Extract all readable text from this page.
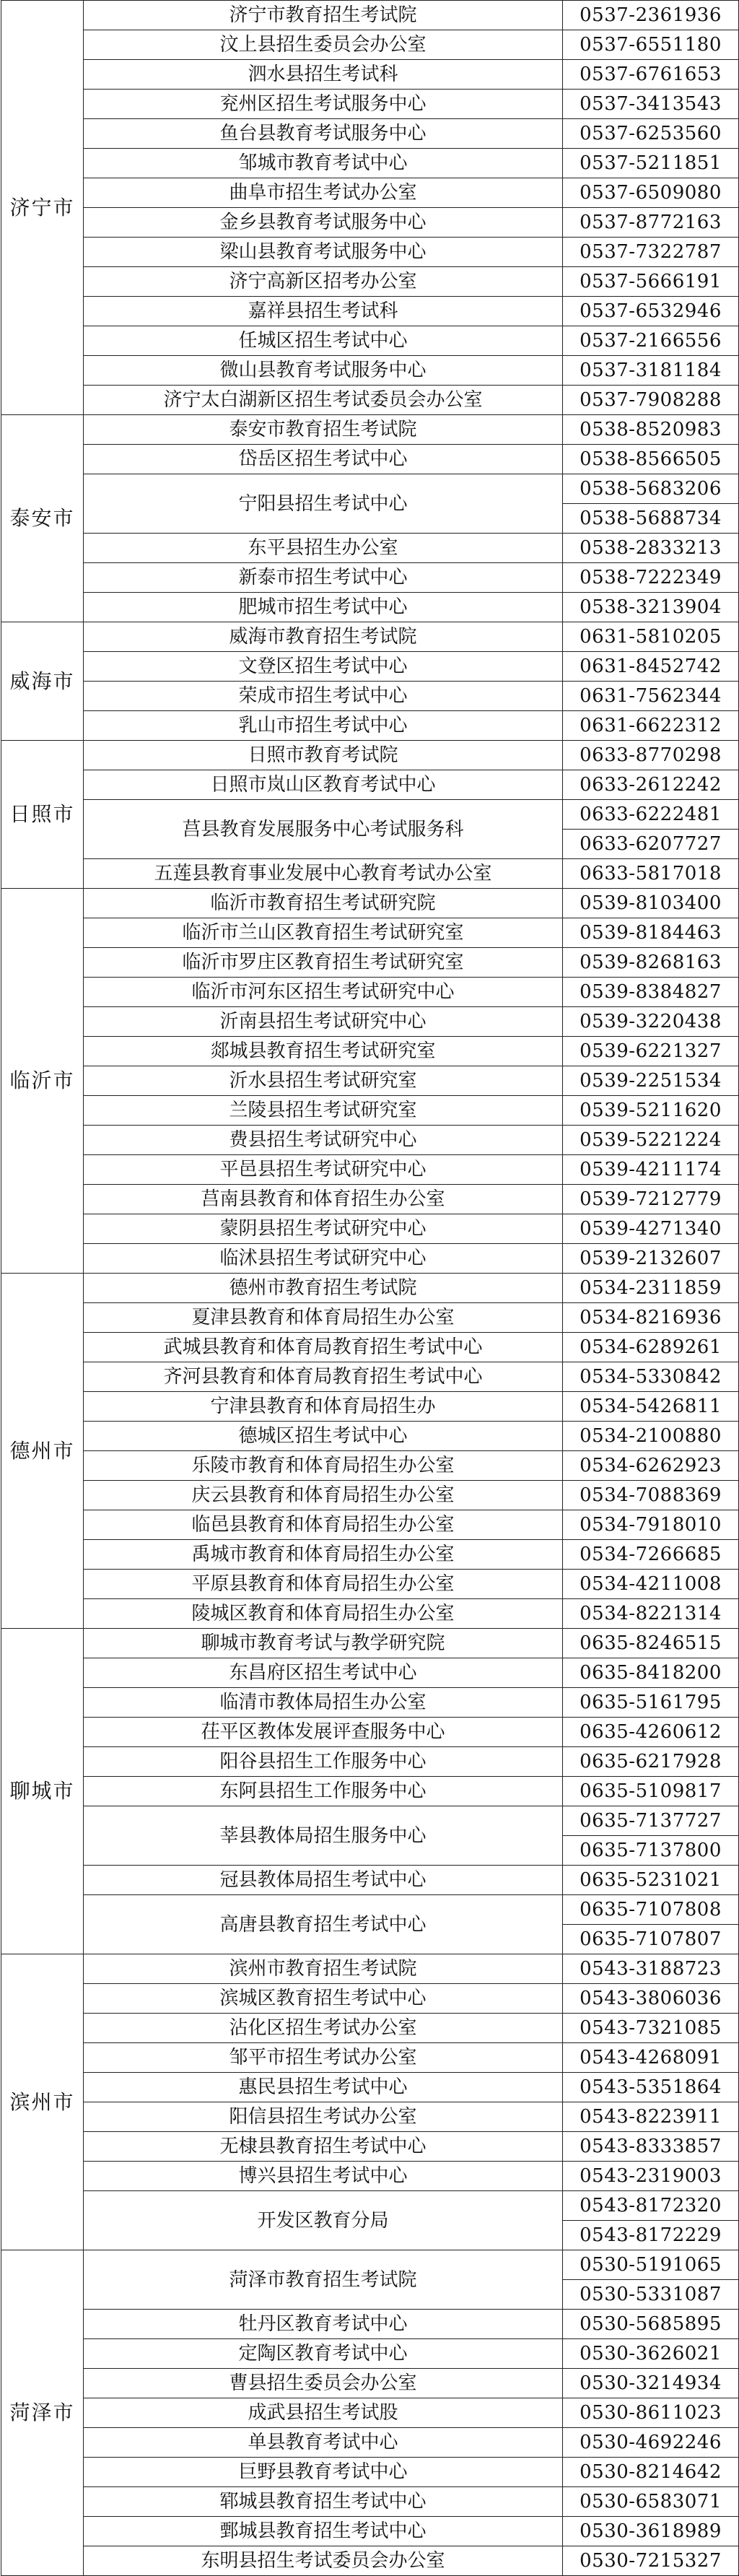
济宁市	济宁市教育招生考试院	0537-2361936
	汶上县招生委员会办公室	0537-6551180
	泗水县招生考试科	0537-6761653
	兖州区招生考试服务中心	0537-3413543
	鱼台县教育考试服务中心	0537-6253560
	邹城市教育考试中心	0537-5211851
	曲阜市招生考试办公室	0537-6509080
	金乡县教育考试服务中心	0537-8772163
	梁山县教育考试服务中心	0537-7322787
	济宁高新区招考办公室	0537-5666191
	嘉祥县招生考试科	0537-6532946
	任城区招生考试中心	0537-2166556
	微山县教育考试服务中心	0537-3181184
	济宁太白湖新区招生考试委员会办公室	0537-7908288
泰安市	泰安市教育招生考试院	0538-8520983
	岱岳区招生考试中心	0538-8566505
	宁阳县招生考试中心	0538-5683206
		0538-5688734
	东平县招生办公室	0538-2833213
	新泰市招生考试中心	0538-7222349
	肥城市招生考试中心	0538-3213904
威海市	威海市教育招生考试院	0631-5810205
	文登区招生考试中心	0631-8452742
	荣成市招生考试中心	0631-7562344
	乳山市招生考试中心	0631-6622312
日照市	日照市教育考试院	0633-8770298
	日照市岚山区教育考试中心	0633-2612242
	莒县教育发展服务中心考试服务科	0633-6222481
		0633-6207727
	五莲县教育事业发展中心教育考试办公室	0633-5817018
临沂市	临沂市教育招生考试研究院	0539-8103400
	临沂市兰山区教育招生考试研究室	0539-8184463
	临沂市罗庄区教育招生考试研究室	0539-8268163
	临沂市河东区招生考试研究中心	0539-8384827
	沂南县招生考试研究中心	0539-3220438
	郯城县教育招生考试研究室	0539-6221327
	沂水县招生考试研究室	0539-2251534
	兰陵县招生考试研究室	0539-5211620
	费县招生考试研究中心	0539-5221224
	平邑县招生考试研究中心	0539-4211174
	莒南县教育和体育招生办公室	0539-7212779
	蒙阴县招生考试研究中心	0539-4271340
	临沭县招生考试研究中心	0539-2132607
德州市	德州市教育招生考试院	0534-2311859
	夏津县教育和体育局招生办公室	0534-8216936
	武城县教育和体育局教育招生考试中心	0534-6289261
	齐河县教育和体育局教育招生考试中心	0534-5330842
	宁津县教育和体育局招生办	0534-5426811
	德城区招生考试中心	0534-2100880
	乐陵市教育和体育局招生办公室	0534-6262923
	庆云县教育和体育局招生办公室	0534-7088369
	临邑县教育和体育局招生办公室	0534-7918010
	禹城市教育和体育局招生办公室	0534-7266685
	平原县教育和体育局招生办公室	0534-4211008
	陵城区教育和体育局招生办公室	0534-8221314
聊城市	聊城市教育考试与教学研究院	0635-8246515
	东昌府区招生考试中心	0635-8418200
	临清市教体局招生办公室	0635-5161795
	茌平区教体发展评查服务中心	0635-4260612
	阳谷县招生工作服务中心	0635-6217928
	东阿县招生工作服务中心	0635-5109817
	莘县教体局招生服务中心	0635-7137727
		0635-7137800
	冠县教体局招生考试中心	0635-5231021
	高唐县教育招生考试中心	0635-7107808
		0635-7107807
滨州市	滨州市教育招生考试院	0543-3188723
	滨城区教育招生考试中心	0543-3806036
	沾化区招生考试办公室	0543-7321085
	邹平市招生考试办公室	0543-4268091
	惠民县招生考试中心	0543-5351864
	阳信县招生考试办公室	0543-8223911
	无棣县教育招生考试中心	0543-8333857
	博兴县招生考试中心	0543-2319003
	开发区教育分局	0543-8172320
		0543-8172229
菏泽市	菏泽市教育招生考试院	0530-5191065
		0530-5331087
	牡丹区教育考试中心	0530-5685895
	定陶区教育考试中心	0530-3626021
	曹县招生委员会办公室	0530-3214934
	成武县招生考试股	0530-8611023
	单县教育考试中心	0530-4692246
	巨野县教育考试中心	0530-8214642
	郓城县教育招生考试中心	0530-6583071
	鄄城县教育招生考试中心	0530-3618989
	东明县招生考试委员会办公室	0530-7215327
